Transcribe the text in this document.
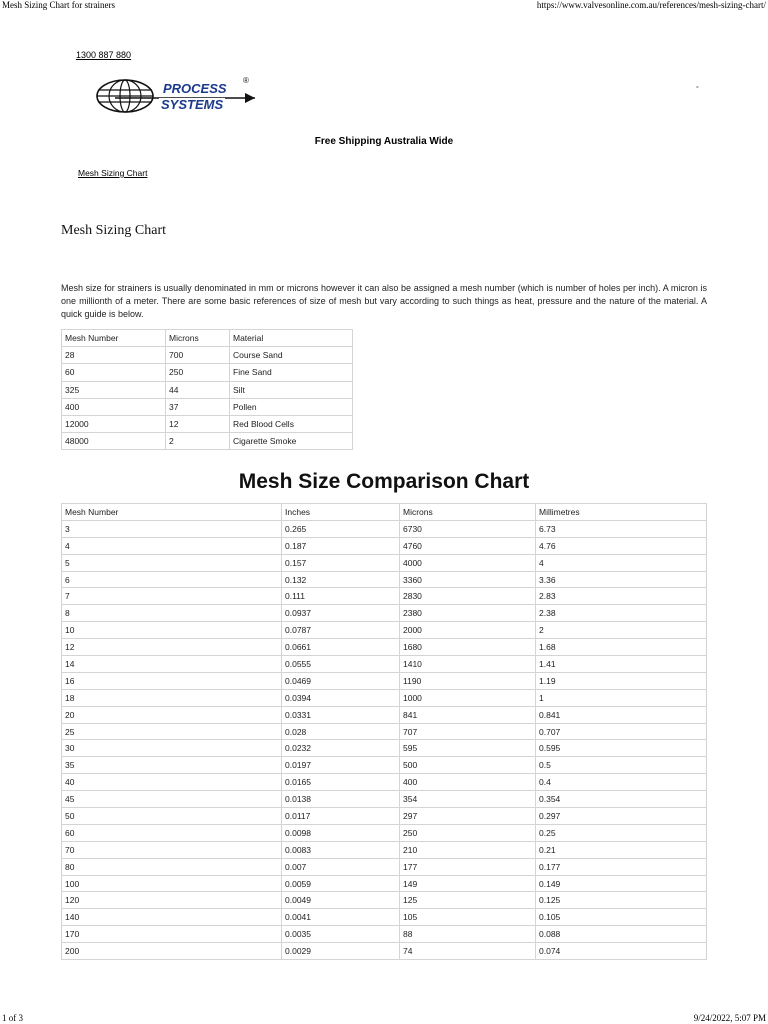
Mesh Sizing Chart for strainers	https://www.valvesonline.com.au/references/mesh-sizing-chart/
1300 887 880
PROCESS
SYSTEMS
®
°
Free Shipping Australia Wide
Mesh Sizing Chart
Mesh Sizing Chart

Mesh size for strainers is usually denominated in mm or microns however it can also be assigned a mesh number (which is number of holes per inch). A micron is one millionth of a meter. There are some basic references of size of mesh but vary according to such things as heat, pressure and the nature of the material. A quick guide is below.

Mesh Number	Microns	Material
28	700	Course Sand
60	250	Fine Sand
325	44	Silt
400	37	Pollen
12000	12	Red Blood Cells
48000	2	Cigarette Smoke
Mesh Size Comparison Chart
Mesh Number	Inches	Microns	Millimetres
3	0.265	6730	6.73
4	0.187	4760	4.76
5	0.157	4000	4
6	0.132	3360	3.36
7	0.111	2830	2.83
8	0.0937	2380	2.38
10	0.0787	2000	2
12	0.0661	1680	1.68
14	0.0555	1410	1.41
16	0.0469	1190	1.19
18	0.0394	1000	1
20	0.0331	841	0.841
25	0.028	707	0.707
30	0.0232	595	0.595
35	0.0197	500	0.5
40	0.0165	400	0.4
45	0.0138	354	0.354
50	0.0117	297	0.297
60	0.0098	250	0.25
70	0.0083	210	0.21
80	0.007	177	0.177
100	0.0059	149	0.149
120	0.0049	125	0.125
140	0.0041	105	0.105
170	0.0035	88	0.088
200	0.0029	74	0.074
1 of 3	9/24/2022, 5:07 PM
